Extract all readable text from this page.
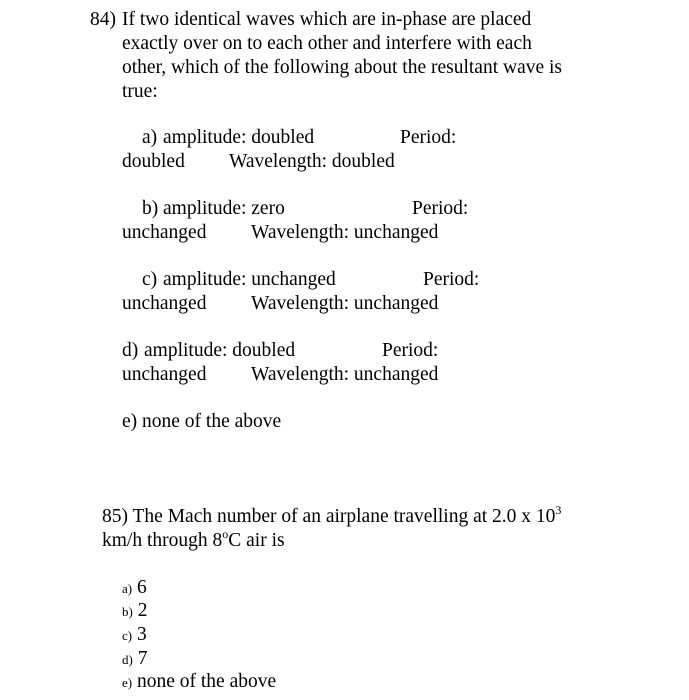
84) If two identical waves which are in-phase are placed
exactly over on to each other and interfere with each
other, which of the following about the resultant wave is
true:
a) amplitude: doubled	Period:
doubled Wavelength: doubled
b) amplitude: zero	Period:
unchanged Wavelength: unchanged
c) amplitude: unchanged	Period:
unchanged Wavelength: unchanged
d) amplitude: doubled	Period:
unchanged Wavelength: unchanged
e) none of the above
85) The Mach number of an airplane travelling at 2.0 x $10^3$
km/h through 8$^o$C air is
a) 6
b) 2
c) 3
d) 7
e) none of the above
